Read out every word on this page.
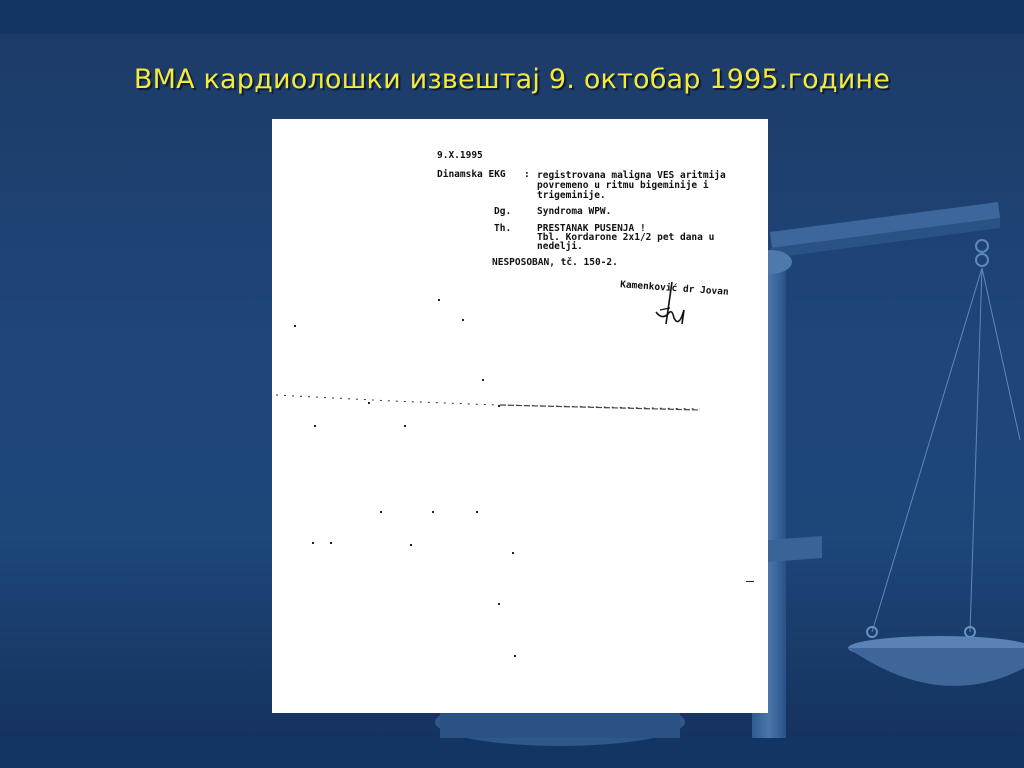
ВМА кардиолошки извештај 9. октобар 1995.године
9.X.1995
Dinamska EKG : registrovana maligna VES aritmija
povremeno u ritmu bigeminije i
trigeminije.
Dg.	Syndroma WPW.
Th.	PRESTANAK PUSENJA !
Tbl. Kordarone 2x1/2 pet dana u
nedelji.
NESPOSOBAN, tč. 150-2.
Kamenković dr Jovan
